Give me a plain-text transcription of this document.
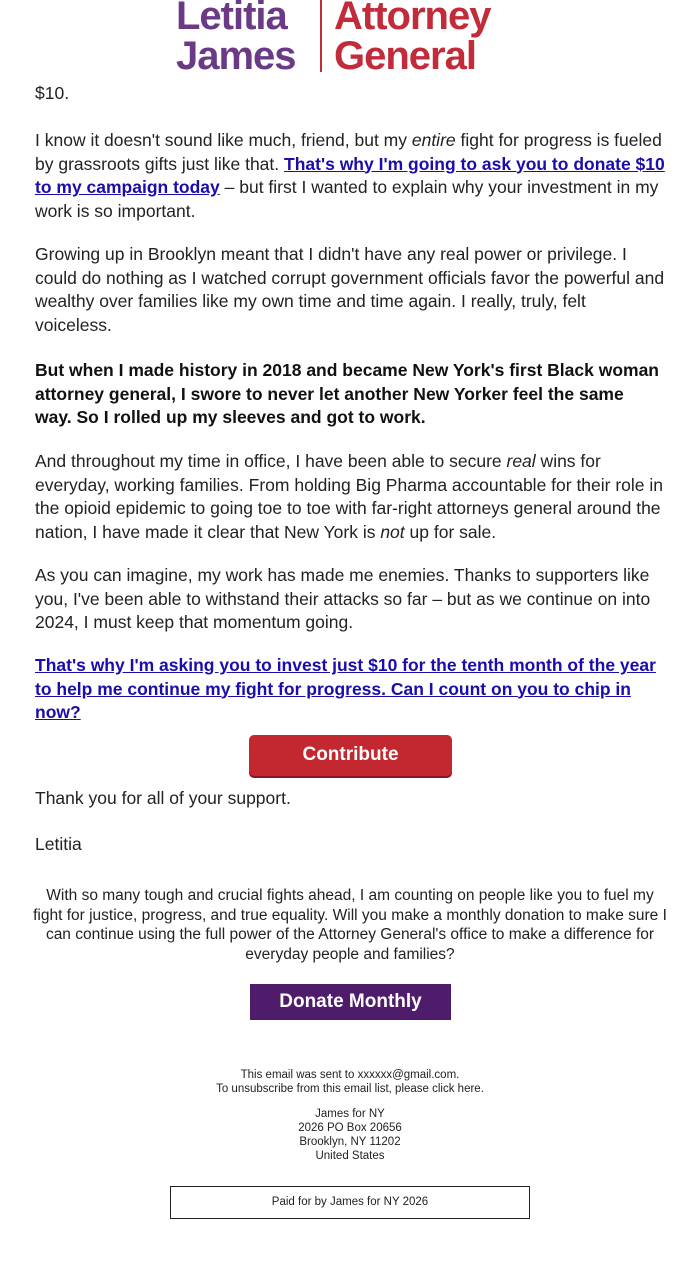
Letitia
James
Attorney
General

$10.

I know it doesn't sound like much, friend, but my entire fight for progress is fueled by grassroots gifts just like that. That's why I'm going to ask you to donate $10 to my campaign today – but first I wanted to explain why your investment in my work is so important.

Growing up in Brooklyn meant that I didn't have any real power or privilege. I could do nothing as I watched corrupt government officials favor the powerful and wealthy over families like my own time and time again. I really, truly, felt voiceless.

But when I made history in 2018 and became New York's first Black woman attorney general, I swore to never let another New Yorker feel the same way. So I rolled up my sleeves and got to work.

And throughout my time in office, I have been able to secure real wins for everyday, working families. From holding Big Pharma accountable for their role in the opioid epidemic to going toe to toe with far-right attorneys general around the nation, I have made it clear that New York is not up for sale.

As you can imagine, my work has made me enemies. Thanks to supporters like you, I've been able to withstand their attacks so far – but as we continue on into 2024, I must keep that momentum going.

That's why I'm asking you to invest just $10 for the tenth month of the year to help me continue my fight for progress. Can I count on you to chip in now?

Contribute

Thank you for all of your support.

Letitia

With so many tough and crucial fights ahead, I am counting on people like you to fuel my fight for justice, progress, and true equality. Will you make a monthly donation to make sure I can continue using the full power of the Attorney General's office to make a difference for everyday people and families?
Donate Monthly
This email was sent to xxxxxx@gmail.com.
To unsubscribe from this email list, please click here.
James for NY
2026 PO Box 20656
Brooklyn, NY 11202
United States
Paid for by James for NY 2026
